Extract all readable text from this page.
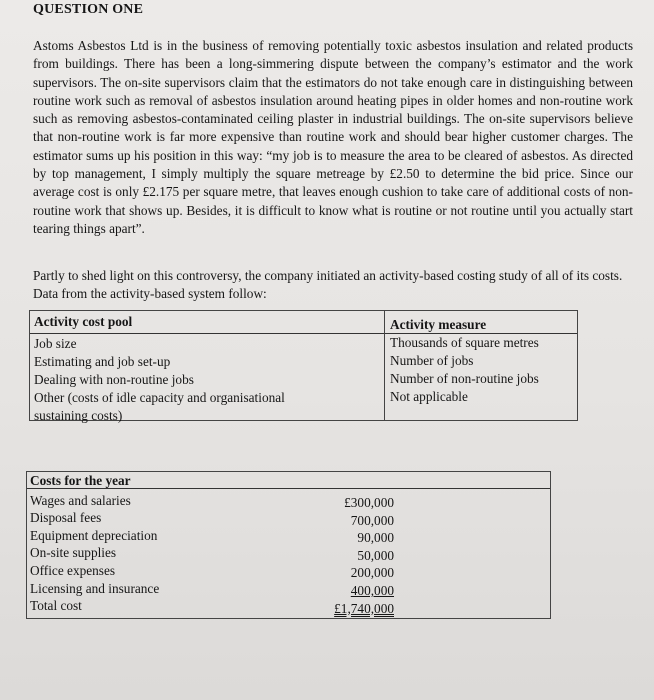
QUESTION ONE
Astoms Asbestos Ltd is in the business of removing potentially toxic asbestos insulation and related products from buildings. There has been a long-simmering dispute between the company’s estimator and the work supervisors. The on-site supervisors claim that the estimators do not take enough care in distinguishing between routine work such as removal of asbestos insulation around heating pipes in older homes and non-routine work such as removing asbestos-contaminated ceiling plaster in industrial buildings. The on-site supervisors believe that non-routine work is far more expensive than routine work and should bear higher customer charges. The estimator sums up his position in this way: “my job is to measure the area to be cleared of asbestos. As directed by top management, I simply multiply the square metreage by £2.50 to determine the bid price. Since our average cost is only £2.175 per square metre, that leaves enough cushion to take care of additional costs of non-routine work that shows up. Besides, it is difficult to know what is routine or not routine until you actually start tearing things apart”.
Partly to shed light on this controversy, the company initiated an activity-based costing study of all of its costs. Data from the activity-based system follow:
Activity cost pool
Job size
Estimating and job set-up
Dealing with non-routine jobs
Other (costs of idle capacity and organisational
sustaining costs)
Activity measure
Thousands of square metres
Number of jobs
Number of non-routine jobs
Not applicable
Costs for the year
Wages and salaries
Disposal fees
Equipment depreciation
On-site supplies
Office expenses
Licensing and insurance
Total cost
£300,000
700,000
90,000
50,000
200,000
400,000
£1,740,000
